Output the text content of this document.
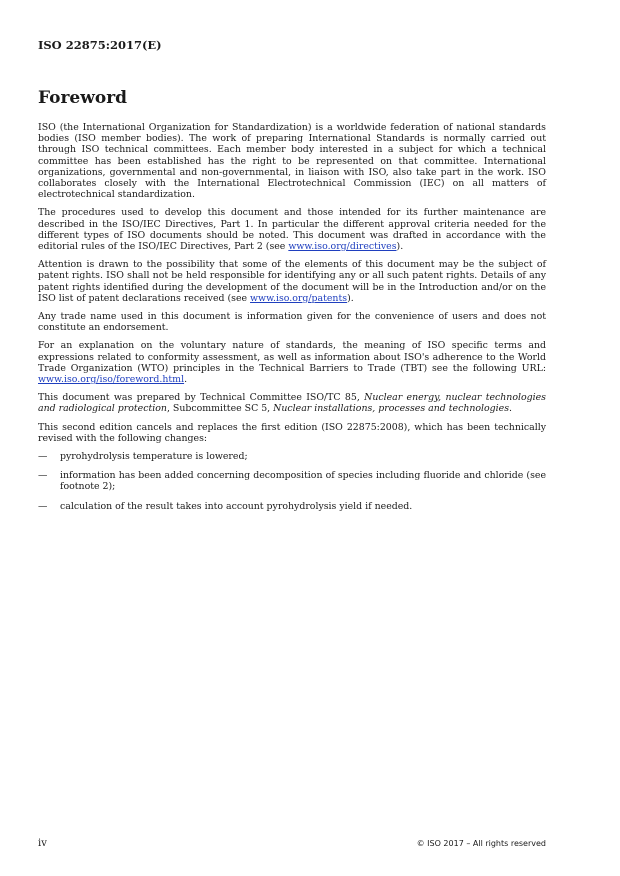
ISO 22875:2017(E)
Foreword

ISO (the International Organization for Standardization) is a worldwide federation of national standards bodies (ISO member bodies). The work of preparing International Standards is normally carried out through ISO technical committees. Each member body interested in a subject for which a technical committee has been established has the right to be represented on that committee. International organizations, governmental and non-governmental, in liaison with ISO, also take part in the work. ISO collaborates closely with the International Electrotechnical Commission (IEC) on all matters of electrotechnical standardization.

The procedures used to develop this document and those intended for its further maintenance are described in the ISO/IEC Directives, Part 1. In particular the different approval criteria needed for the different types of ISO documents should be noted. This document was drafted in accordance with the editorial rules of the ISO/IEC Directives, Part 2 (see www.iso.org/directives).

Attention is drawn to the possibility that some of the elements of this document may be the subject of patent rights. ISO shall not be held responsible for identifying any or all such patent rights. Details of any patent rights identified during the development of the document will be in the Introduction and/or on the ISO list of patent declarations received (see www.iso.org/patents).

Any trade name used in this document is information given for the convenience of users and does not constitute an endorsement.

For an explanation on the voluntary nature of standards, the meaning of ISO specific terms and expressions related to conformity assessment, as well as information about ISO's adherence to the World Trade Organization (WTO) principles in the Technical Barriers to Trade (TBT) see the following URL: www.iso.org/iso/foreword.html.

This document was prepared by Technical Committee ISO/TC 85, Nuclear energy, nuclear technologies and radiological protection, Subcommittee SC 5, Nuclear installations, processes and technologies.

This second edition cancels and replaces the first edition (ISO 22875:2008), which has been technically revised with the following changes:

—	pyrohydrolysis temperature is lowered;
—	information has been added concerning decomposition of species including fluoride and chloride (see footnote 2);
—	calculation of the result takes into account pyrohydrolysis yield if needed.
iv	© ISO 2017 – All rights reserved
